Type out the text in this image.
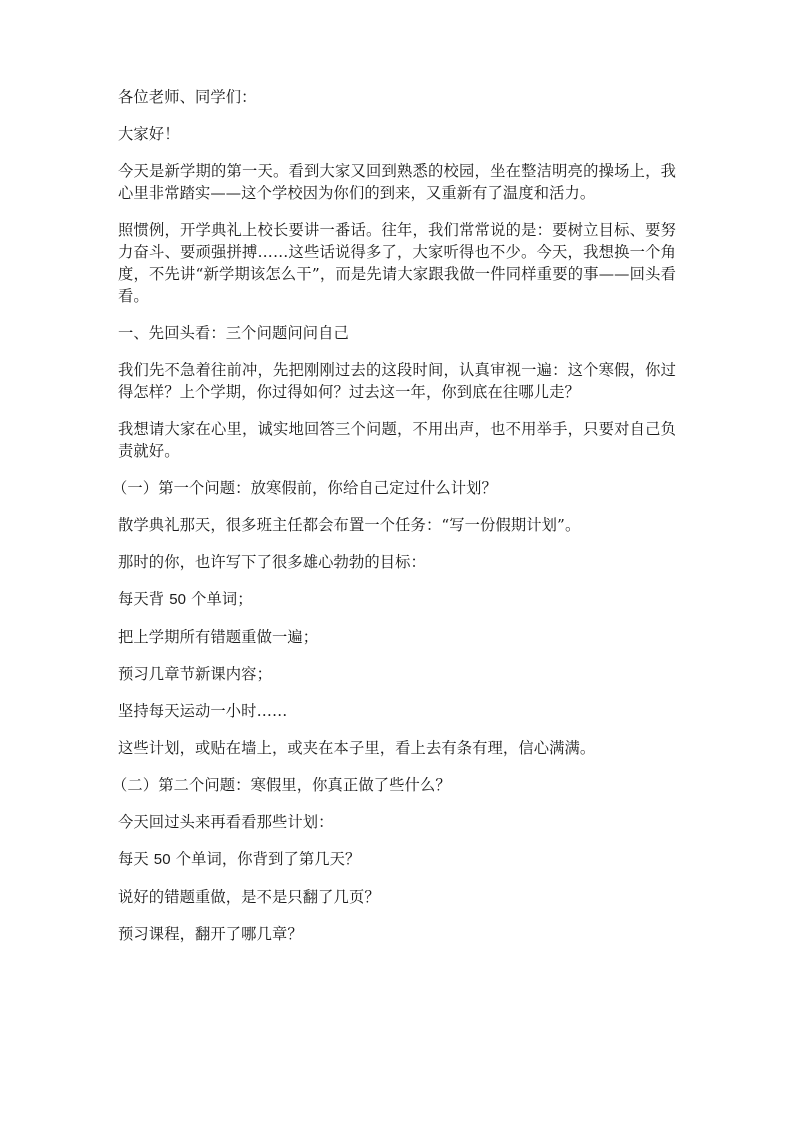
各位老师、同学们：

大家好！

今天是新学期的第一天。看到大家又回到熟悉的校园，坐在整洁明亮的操场上，我心里非常踏实——这个学校因为你们的到来，又重新有了温度和活力。

照惯例，开学典礼上校长要讲一番话。往年，我们常常说的是：要树立目标、要努力奋斗、要顽强拼搏……这些话说得多了，大家听得也不少。今天，我想换一个角度，不先讲“新学期该怎么干”，而是先请大家跟我做一件同样重要的事——回头看看。

一、先回头看：三个问题问问自己

我们先不急着往前冲，先把刚刚过去的这段时间，认真审视一遍：这个寒假，你过得怎样？上个学期，你过得如何？过去这一年，你到底在往哪儿走？

我想请大家在心里，诚实地回答三个问题，不用出声，也不用举手，只要对自己负责就好。

（一）第一个问题：放寒假前，你给自己定过什么计划？

散学典礼那天，很多班主任都会布置一个任务：“写一份假期计划”。

那时的你，也许写下了很多雄心勃勃的目标：

每天背 50 个单词；

把上学期所有错题重做一遍；

预习几章节新课内容；

坚持每天运动一小时……

这些计划，或贴在墙上，或夹在本子里，看上去有条有理，信心满满。

（二）第二个问题：寒假里，你真正做了些什么？

今天回过头来再看看那些计划：

每天 50 个单词，你背到了第几天？

说好的错题重做，是不是只翻了几页？

预习课程，翻开了哪几章？
